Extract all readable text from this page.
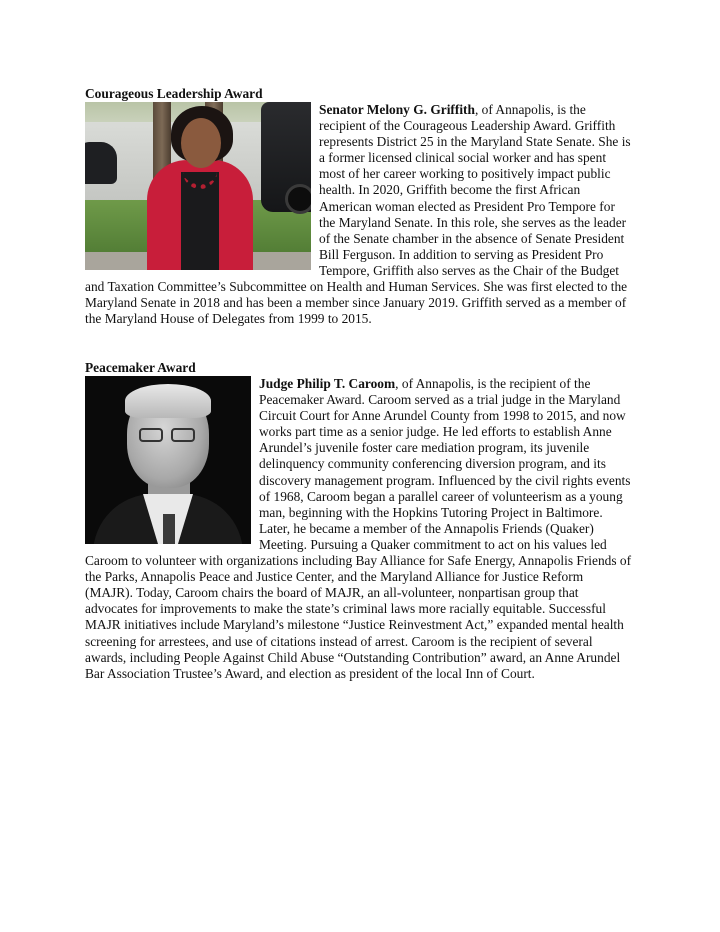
Courageous Leadership Award
Senator Melony G. Griffith, of Annapolis, is the recipient of the Courageous Leadership Award. Griffith represents District 25 in the Maryland State Senate. She is a former licensed clinical social worker and has spent most of her career working to positively impact public health. In 2020, Griffith become the first African American woman elected as President Pro Tempore for the Maryland Senate. In this role, she serves as the leader of the Senate chamber in the absence of Senate President Bill Ferguson. In addition to serving as President Pro Tempore, Griffith also serves as the Chair of the Budget and Taxation Committee’s Subcommittee on Health and Human Services. She was first elected to the Maryland Senate in 2018 and has been a member since January 2019. Griffith served as a member of the Maryland House of Delegates from 1999 to 2015.
Peacemaker Award
Judge Philip T. Caroom, of Annapolis, is the recipient of the Peacemaker Award. Caroom served as a trial judge in the Maryland Circuit Court for Anne Arundel County from 1998 to 2015, and now works part time as a senior judge. He led efforts to establish Anne Arundel’s juvenile foster care mediation program, its juvenile delinquency community conferencing diversion program, and its discovery management program. Influenced by the civil rights events of 1968, Caroom began a parallel career of volunteerism as a young man, beginning with the Hopkins Tutoring Project in Baltimore. Later, he became a member of the Annapolis Friends (Quaker) Meeting. Pursuing a Quaker commitment to act on his values led Caroom to volunteer with organizations including Bay Alliance for Safe Energy, Annapolis Friends of the Parks, Annapolis Peace and Justice Center, and the Maryland Alliance for Justice Reform (MAJR). Today, Caroom chairs the board of MAJR, an all-volunteer, nonpartisan group that advocates for improvements to make the state’s criminal laws more racially equitable. Successful MAJR initiatives include Maryland’s milestone “Justice Reinvestment Act,” expanded mental health screening for arrestees, and use of citations instead of arrest. Caroom is the recipient of several awards, including People Against Child Abuse “Outstanding Contribution” award, an Anne Arundel Bar Association Trustee’s Award, and election as president of the local Inn of Court.
